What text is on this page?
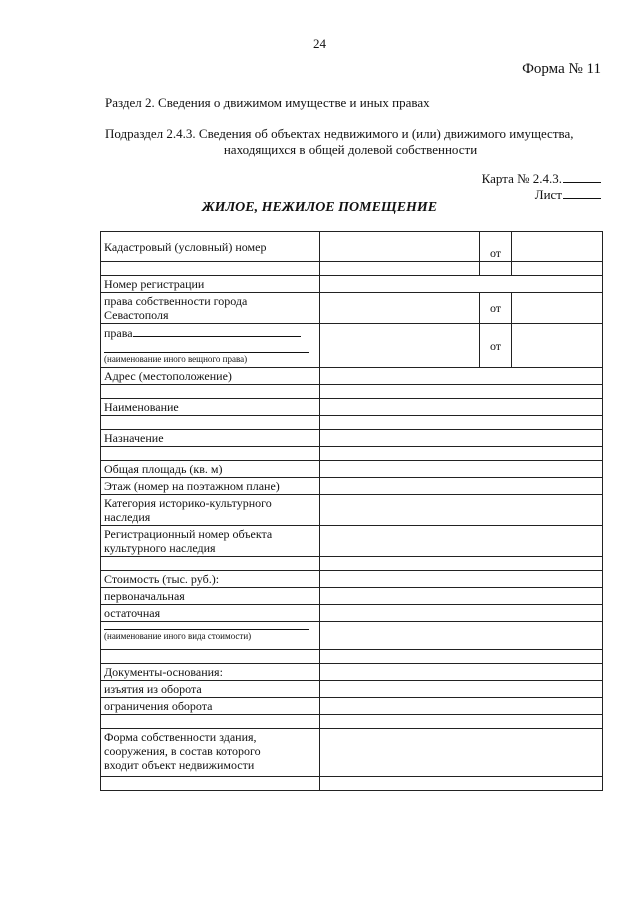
24
Форма № 11
Раздел 2. Сведения о движимом имуществе и иных правах
Подраздел 2.4.3. Сведения об объектах недвижимого и (или) движимого имущества,
находящихся в общей долевой собственности
Карта № 2.4.3.
Лист
ЖИЛОЕ, НЕЖИЛОЕ ПОМЕЩЕНИЕ
Кадастровый (условный) номер		от	

Номер регистрации			

права собственности города
Севастополя		от	

права
(наименование иного вещного права)		от	
Адрес (местоположение)			

Наименование			

Назначение			

Общая площадь (кв. м)			
Этаж (номер на поэтажном плане)			

Категория историко-культурного
наследия			

Регистрационный номер объекта
культурного наследия			

Стоимость (тыс. руб.):			
первоначальная			
остаточная			

(наименование иного вида стоимости)			

Документы-основания:			
изъятия из оборота			
ограничения оборота			

Форма собственности здания,
сооружения, в состав которого
входит объект недвижимости			
